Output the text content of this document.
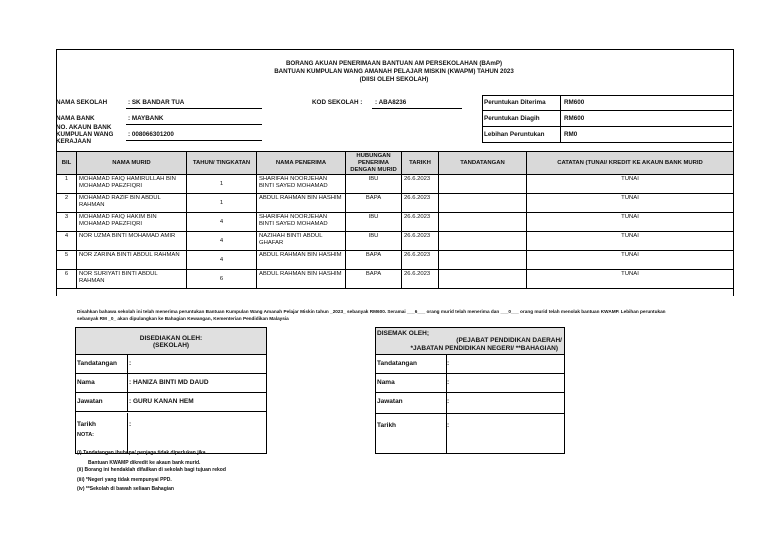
BORANG AKUAN PENERIMAAN BANTUAN AM PERSEKOLAHAN (BAmP)
BANTUAN KUMPULAN WANG AMANAH PELAJAR MISKIN (KWAPM) TAHUN 2023
(DIISI OLEH SEKOLAH)
NAMA SEKOLAH	: SK BANDAR TUA	KOD SEKOLAH : : ABA8236
NAMA BANK	: MAYBANK
NO. AKAUN BANK
KUMPULAN WANG
KERAJAAN
: 008066301200
Peruntukan Diterima	RM600
Peruntukan Diagih	RM600
Lebihan Peruntukan	RM0
BIL	NAMA MURID	TAHUN/ TINGKATAN	NAMA PENERIMA	HUBUNGAN PENERIMA DENGAN MURID	TARIKH	TANDATANGAN	CATATAN (TUNAI/ KREDIT KE AKAUN BANK MURID
1	MOHAMAD FAIQ HAMIRULLAH BIN MOHAMAD PAEZFIQRI	1	SHARIFAH NOORJEHAN BINTI SAYED MOHAMAD	IBU	26.6.2023		TUNAI
2	MOHAMAD RAZIF BIN ABDUL RAHMAN	1	ABDUL RAHMAN BIN HASHIM	BAPA	26.6.2023		TUNAI
3	MOHAMAD FAIQ HAKIM BIN MOHAMAD PAEZFIQRI	4	SHARIFAH NOORJEHAN BINTI SAYED MOHAMAD	IBU	26.6.2023		TUNAI
4	NOR UZMA BINTI MOHAMAD AMIR	4	NAZIHAH BINTI ABDUL GHAFAR	IBU	26.6.2023		TUNAI
5	NOR ZARINA BINTI ABDUL RAHMAN	4	ABDUL RAHMAN BIN HASHIM	BAPA	26.6.2023		TUNAI
6	NOR SURIYATI BINTI ABDUL RAHMAN	6	ABDUL RAHMAN BIN HASHIM	BAPA	26.6.2023		TUNAI
Disahkan bahawa sekolah ini telah menerima peruntukan Bantuan Kumpulan Wang Amanah Pelajar Miskin tahun _2023_ sebanyak RM600. Seramai ___6___ orang murid telah menerima dan ___0___ orang murid telah menolak bantuan KWAMP. Lebihan peruntukan
sebanyak RM _0_ akan dipulangkan ke Bahagian Kewangan, Kementerian Pendidikan Malaysia
DISEDIAKAN OLEH:
(SEKOLAH)
Tandatangan :
Nama	: HANIZA BINTI MD DAUD
Jawatan	: GURU KANAN HEM
Tarikh	:
DISEMAK OLEH;
(PEJABAT PENDIDIKAN DAERAH/
*JABATAN PENDIDIKAN NEGERI/ **BAHAGIAN)
Tandatangan	:
Nama	:
Jawatan	:
Tarikh	:
NOTA:
(i) Tandatangan ibubapa/ penjaga tidak diperlukan jika
Bantuan KWAMP dikredit ke akaun bank murid.
(ii) Borang ini hendaklah difailkan di sekolah bagi tujuan rekod
(iii) *Negeri yang tidak mempunyai PPD.
(iv) **Sekolah di bawah seliaan Bahagian
